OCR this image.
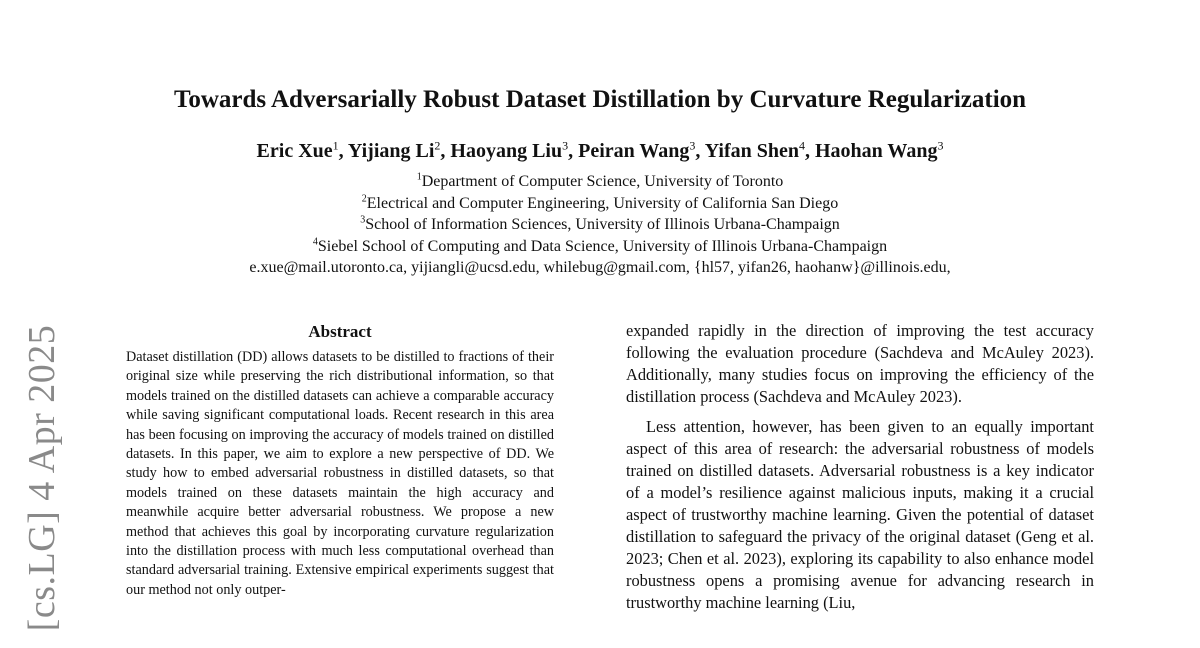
Towards Adversarially Robust Dataset Distillation by Curvature Regularization
Eric Xue$^1$, Yijiang Li$^2$, Haoyang Liu$^3$, Peiran Wang$^3$, Yifan Shen$^4$, Haohan Wang$^3$
$^1$Department of Computer Science, University of Toronto
$^2$Electrical and Computer Engineering, University of California San Diego
$^3$School of Information Sciences, University of Illinois Urbana-Champaign
$^4$Siebel School of Computing and Data Science, University of Illinois Urbana-Champaign
e.xue@mail.utoronto.ca, yijiangli@ucsd.edu, whilebug@gmail.com, {hl57, yifan26, haohanw}@illinois.edu,
[cs.LG] 4 Apr 2025	Abstract
Dataset distillation (DD) allows datasets to be distilled to fractions of their original size while preserving the rich distributional information, so that models trained on the distilled datasets can achieve a comparable accuracy while saving significant computational loads. Recent research in this area has been focusing on improving the accuracy of models trained on distilled datasets. In this paper, we aim to explore a new perspective of DD. We study how to embed adversarial robustness in distilled datasets, so that models trained on these datasets maintain the high accuracy and meanwhile acquire better adversarial robustness. We propose a new method that achieves this goal by incorporating curvature regularization into the distillation process with much less computational overhead than standard adversarial training. Extensive empirical experiments suggest that our method not only outper-

expanded rapidly in the direction of improving the test accuracy following the evaluation procedure (Sachdeva and McAuley 2023). Additionally, many studies focus on improving the efficiency of the distillation process (Sachdeva and McAuley 2023).

Less attention, however, has been given to an equally important aspect of this area of research: the adversarial robustness of models trained on distilled datasets. Adversarial robustness is a key indicator of a model’s resilience against malicious inputs, making it a crucial aspect of trustworthy machine learning. Given the potential of dataset distillation to safeguard the privacy of the original dataset (Geng et al. 2023; Chen et al. 2023), exploring its capability to also enhance model robustness opens a promising avenue for advancing research in trustworthy machine learning (Liu,
